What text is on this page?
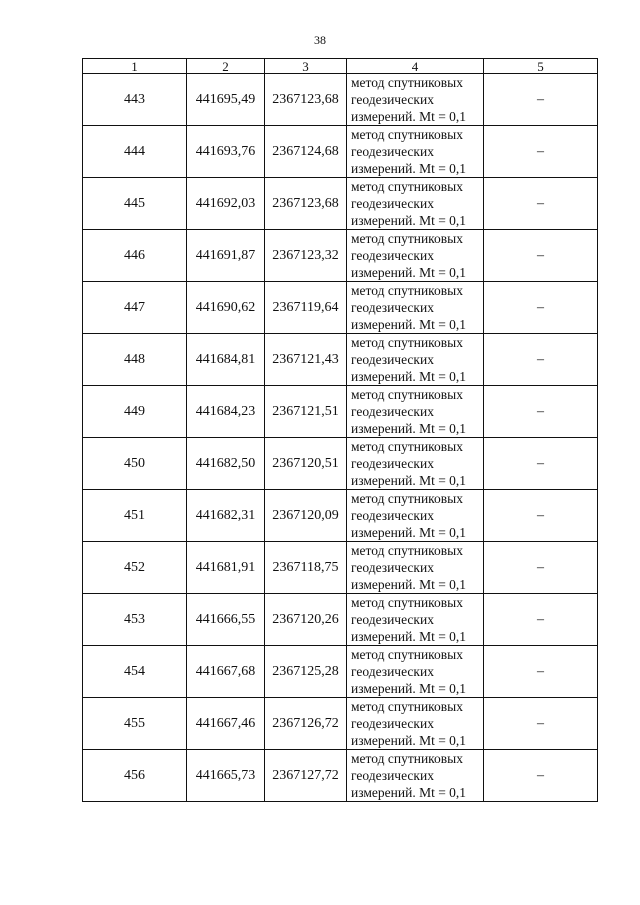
38
1	2	3	4	5
443	441695,49	2367123,68	метод спутниковых
геодезических
измерений. Mt = 0,1	–
444	441693,76	2367124,68	метод спутниковых
геодезических
измерений. Mt = 0,1	–
445	441692,03	2367123,68	метод спутниковых
геодезических
измерений. Mt = 0,1	–
446	441691,87	2367123,32	метод спутниковых
геодезических
измерений. Mt = 0,1	–
447	441690,62	2367119,64	метод спутниковых
геодезических
измерений. Mt = 0,1	–
448	441684,81	2367121,43	метод спутниковых
геодезических
измерений. Mt = 0,1	–
449	441684,23	2367121,51	метод спутниковых
геодезических
измерений. Mt = 0,1	–
450	441682,50	2367120,51	метод спутниковых
геодезических
измерений. Mt = 0,1	–
451	441682,31	2367120,09	метод спутниковых
геодезических
измерений. Mt = 0,1	–
452	441681,91	2367118,75	метод спутниковых
геодезических
измерений. Mt = 0,1	–
453	441666,55	2367120,26	метод спутниковых
геодезических
измерений. Mt = 0,1	–
454	441667,68	2367125,28	метод спутниковых
геодезических
измерений. Mt = 0,1	–
455	441667,46	2367126,72	метод спутниковых
геодезических
измерений. Mt = 0,1	–
456	441665,73	2367127,72	метод спутниковых
геодезических
измерений. Mt = 0,1	–
